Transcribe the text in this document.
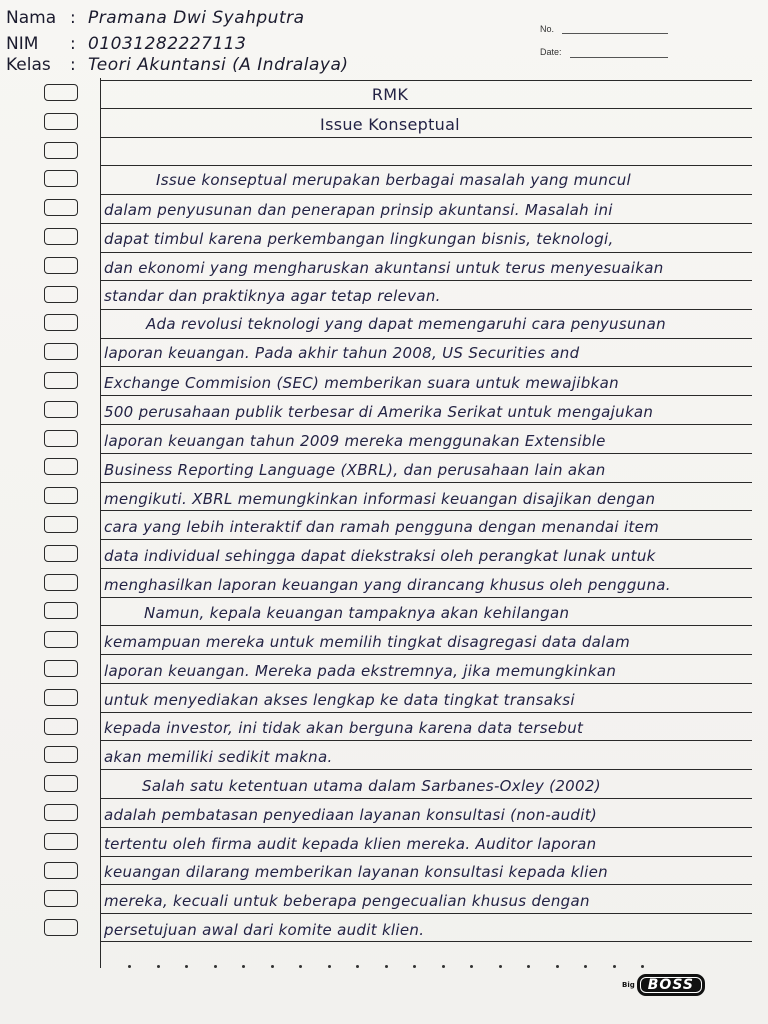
Nama : Pramana Dwi Syahputra
NIM : 01031282227113
Kelas : Teori Akuntansi (A Indralaya)
No.
Date:
RMK
Issue Konseptual
Issue konseptual merupakan berbagai masalah yang muncul
dalam penyusunan dan penerapan prinsip akuntansi. Masalah ini
dapat timbul karena perkembangan lingkungan bisnis, teknologi,
dan ekonomi yang mengharuskan akuntansi untuk terus menyesuaikan
standar dan praktiknya agar tetap relevan.
Ada revolusi teknologi yang dapat memengaruhi cara penyusunan
laporan keuangan. Pada akhir tahun 2008, US Securities and
Exchange Commision (SEC) memberikan suara untuk mewajibkan
500 perusahaan publik terbesar di Amerika Serikat untuk mengajukan
laporan keuangan tahun 2009 mereka menggunakan Extensible
Business Reporting Language (XBRL), dan perusahaan lain akan
mengikuti. XBRL memungkinkan informasi keuangan disajikan dengan
cara yang lebih interaktif dan ramah pengguna dengan menandai item
data individual sehingga dapat diekstraksi oleh perangkat lunak untuk
menghasilkan laporan keuangan yang dirancang khusus oleh pengguna.
Namun, kepala keuangan tampaknya akan kehilangan
kemampuan mereka untuk memilih tingkat disagregasi data dalam
laporan keuangan. Mereka pada ekstremnya, jika memungkinkan
untuk menyediakan akses lengkap ke data tingkat transaksi
kepada investor, ini tidak akan berguna karena data tersebut
akan memiliki sedikit makna.
Salah satu ketentuan utama dalam Sarbanes-Oxley (2002)
adalah pembatasan penyediaan layanan konsultasi (non-audit)
tertentu oleh firma audit kepada klien mereka. Auditor laporan
keuangan dilarang memberikan layanan konsultasi kepada klien
mereka, kecuali untuk beberapa pengecualian khusus dengan
persetujuan awal dari komite audit klien.
Big BOSS
